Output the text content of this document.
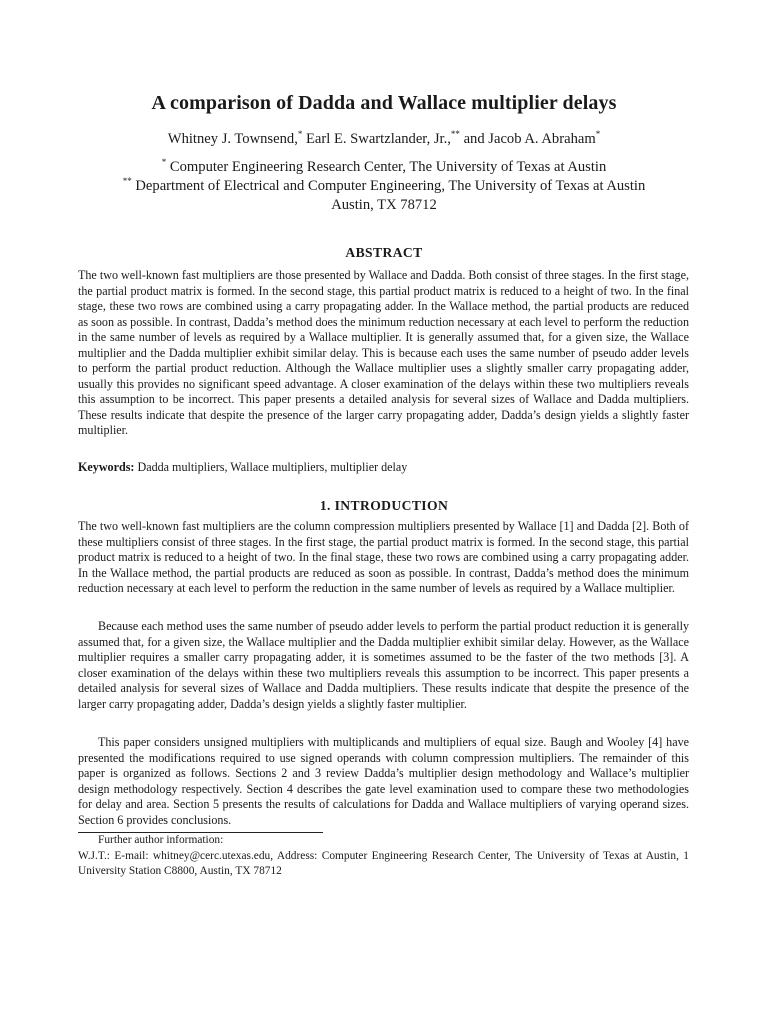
A comparison of Dadda and Wallace multiplier delays
Whitney J. Townsend,* Earl E. Swartzlander, Jr.,** and Jacob A. Abraham*
* Computer Engineering Research Center, The University of Texas at Austin
** Department of Electrical and Computer Engineering, The University of Texas at Austin
Austin, TX 78712
ABSTRACT

The two well-known fast multipliers are those presented by Wallace and Dadda. Both consist of three stages. In the first stage, the partial product matrix is formed. In the second stage, this partial product matrix is reduced to a height of two. In the final stage, these two rows are combined using a carry propagating adder. In the Wallace method, the partial products are reduced as soon as possible. In contrast, Dadda’s method does the minimum reduction necessary at each level to perform the reduction in the same number of levels as required by a Wallace multiplier. It is generally assumed that, for a given size, the Wallace multiplier and the Dadda multiplier exhibit similar delay. This is because each uses the same number of pseudo adder levels to perform the partial product reduction. Although the Wallace multiplier uses a slightly smaller carry propagating adder, usually this provides no significant speed advantage. A closer examination of the delays within these two multipliers reveals this assumption to be incorrect. This paper presents a detailed analysis for several sizes of Wallace and Dadda multipliers. These results indicate that despite the presence of the larger carry propagating adder, Dadda’s design yields a slightly faster multiplier.

Keywords: Dadda multipliers, Wallace multipliers, multiplier delay

1. INTRODUCTION

The two well-known fast multipliers are the column compression multipliers presented by Wallace [1] and Dadda [2]. Both of these multipliers consist of three stages. In the first stage, the partial product matrix is formed. In the second stage, this partial product matrix is reduced to a height of two. In the final stage, these two rows are combined using a carry propagating adder. In the Wallace method, the partial products are reduced as soon as possible. In contrast, Dadda’s method does the minimum reduction necessary at each level to perform the reduction in the same number of levels as required by a Wallace multiplier.

Because each method uses the same number of pseudo adder levels to perform the partial product reduction it is generally assumed that, for a given size, the Wallace multiplier and the Dadda multiplier exhibit similar delay. However, as the Wallace multiplier requires a smaller carry propagating adder, it is sometimes assumed to be the faster of the two methods [3]. A closer examination of the delays within these two multipliers reveals this assumption to be incorrect. This paper presents a detailed analysis for several sizes of Wallace and Dadda multipliers. These results indicate that despite the presence of the larger carry propagating adder, Dadda’s design yields a slightly faster multiplier.

This paper considers unsigned multipliers with multiplicands and multipliers of equal size. Baugh and Wooley [4] have presented the modifications required to use signed operands with column compression multipliers. The remainder of this paper is organized as follows. Sections 2 and 3 review Dadda’s multiplier design methodology and Wallace’s multiplier design methodology respectively. Section 4 describes the gate level examination used to compare these two methodologies for delay and area. Section 5 presents the results of calculations for Dadda and Wallace multipliers of varying operand sizes. Section 6 provides conclusions.

Further author information:

W.J.T.: E-mail: whitney@cerc.utexas.edu, Address: Computer Engineering Research Center, The University of Texas at Austin, 1 University Station C8800, Austin, TX 78712
